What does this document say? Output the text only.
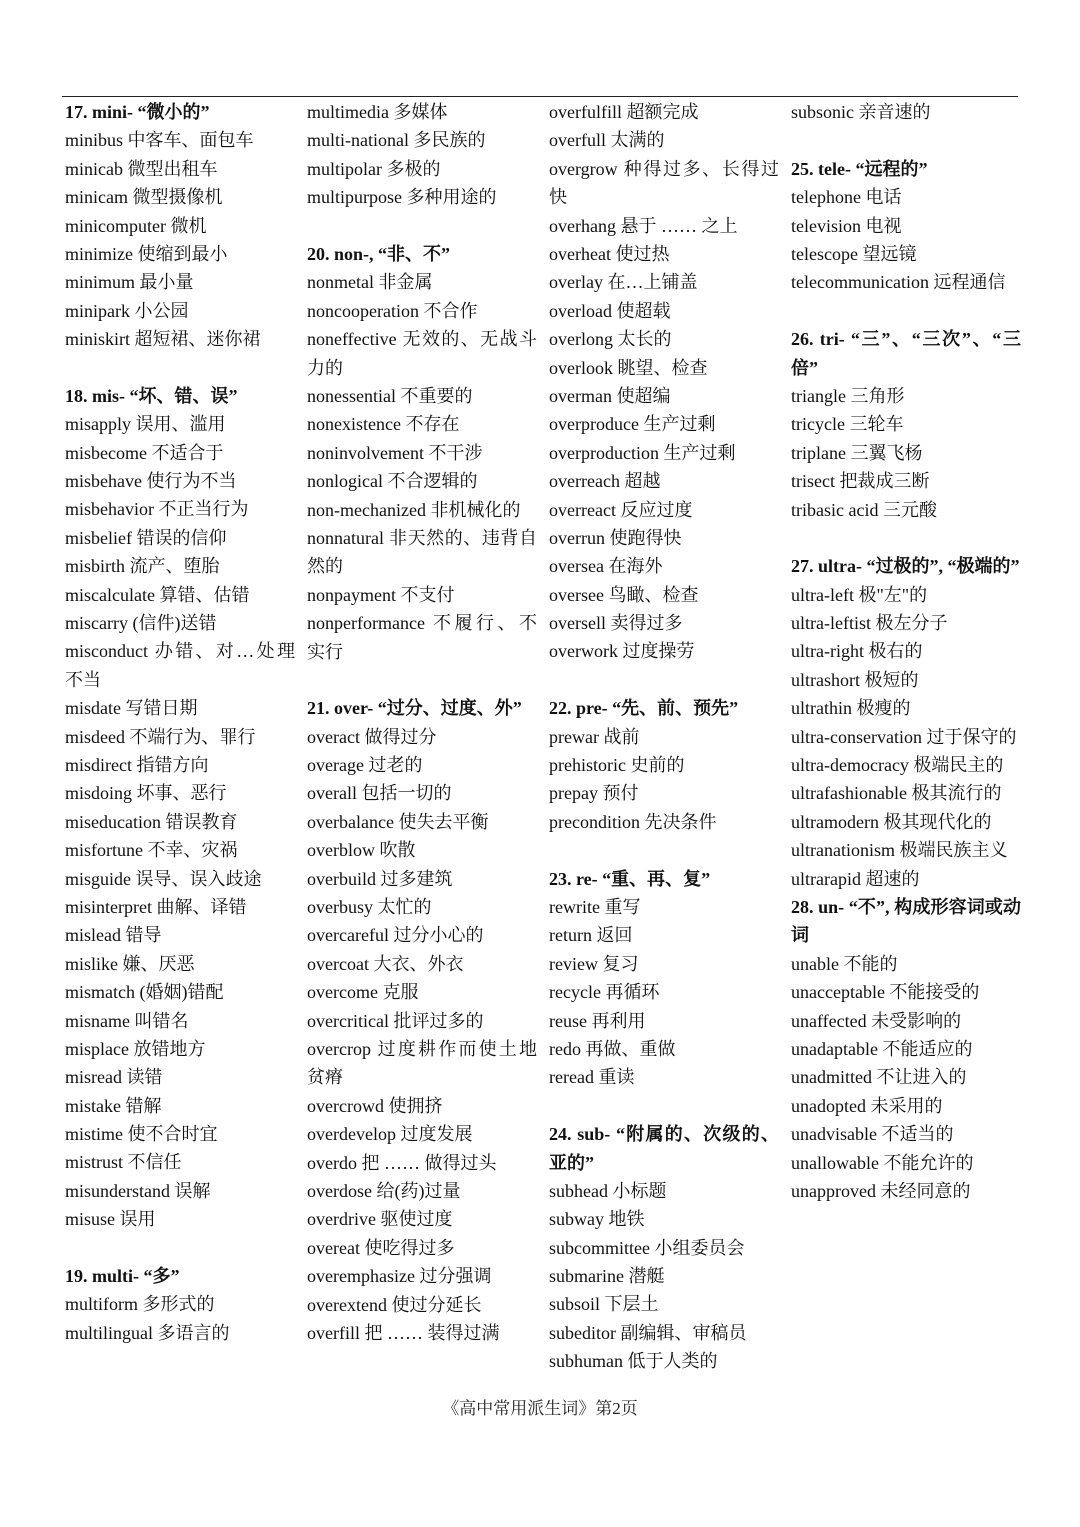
17. mini- “微小的”
minibus 中客车、面包车
minicab 微型出租车
minicam 微型摄像机
minicomputer 微机
minimize 使缩到最小
minimum 最小量
minipark 小公园
miniskirt 超短裙、迷你裙
18. mis- “坏、错、误”
misapply 误用、滥用
misbecome 不适合于
misbehave 使行为不当
misbehavior 不正当行为
misbelief 错误的信仰
misbirth 流产、堕胎
miscalculate 算错、估错
miscarry (信件)送错
misconduct 办错、对…处理不当
misdate 写错日期
misdeed 不端行为、罪行
misdirect 指错方向
misdoing 坏事、恶行
miseducation 错误教育
misfortune 不幸、灾祸
misguide 误导、误入歧途
misinterpret 曲解、译错
mislead 错导
mislike 嫌、厌恶
mismatch (婚姻)错配
misname 叫错名
misplace 放错地方
misread 读错
mistake 错解
mistime 使不合时宜
mistrust 不信任
misunderstand 误解
misuse 误用
19. multi- “多”
multiform 多形式的
multilingual 多语言的
multimedia 多媒体
multi-national 多民族的
multipolar 多极的
multipurpose 多种用途的
20. non-, “非、不”
nonmetal 非金属
noncooperation 不合作
noneffective 无效的、无战斗力的
nonessential 不重要的
nonexistence 不存在
noninvolvement 不干涉
nonlogical 不合逻辑的
non-mechanized 非机械化的
nonnatural 非天然的、违背自然的
nonpayment 不支付
nonperformance 不履行、不实行
21. over- “过分、过度、外”
overact 做得过分
overage 过老的
overall 包括一切的
overbalance 使失去平衡
overblow 吹散
overbuild 过多建筑
overbusy 太忙的
overcareful 过分小心的
overcoat 大衣、外衣
overcome 克服
overcritical 批评过多的
overcrop 过度耕作而使土地贫瘠
overcrowd 使拥挤
overdevelop 过度发展
overdo 把 …… 做得过头
overdose 给(药)过量
overdrive 驱使过度
overeat 使吃得过多
overemphasize 过分强调
overextend 使过分延长
overfill 把 …… 装得过满
overfulfill 超额完成
overfull 太满的
overgrow 种得过多、长得过快
overhang 悬于 …… 之上
overheat 使过热
overlay 在…上铺盖
overload 使超载
overlong 太长的
overlook 眺望、检查
overman 使超编
overproduce 生产过剩
overproduction 生产过剩
overreach 超越
overreact 反应过度
overrun 使跑得快
oversea 在海外
oversee 鸟瞰、检查
oversell 卖得过多
overwork 过度操劳
22. pre- “先、前、预先”
prewar 战前
prehistoric 史前的
prepay 预付
precondition 先决条件
23. re- “重、再、复”
rewrite 重写
return 返回
review 复习
recycle 再循环
reuse 再利用
redo 再做、重做
reread 重读
24. sub- “附属的、次级的、亚的”
subhead 小标题
subway 地铁
subcommittee 小组委员会
submarine 潜艇
subsoil 下层土
subeditor 副编辑、审稿员
subhuman 低于人类的
subsonic 亲音速的
25. tele- “远程的”
telephone 电话
television 电视
telescope 望远镜
telecommunication 远程通信
26. tri- “三”、“三次”、“三倍”
triangle 三角形
tricycle 三轮车
triplane 三翼飞杨
trisect 把裁成三断
tribasic acid 三元酸
27. ultra- “过极的”, “极端的”
ultra-left 极"左"的
ultra-leftist 极左分子
ultra-right 极右的
ultrashort 极短的
ultrathin 极瘦的
ultra-conservation 过于保守的
ultra-democracy 极端民主的
ultrafashionable 极其流行的
ultramodern 极其现代化的
ultranationism 极端民族主义
ultrarapid 超速的
28. un- “不”, 构成形容词或动词
unable 不能的
unacceptable 不能接受的
unaffected 未受影响的
unadaptable 不能适应的
unadmitted 不让进入的
unadopted 未采用的
unadvisable 不适当的
unallowable 不能允许的
unapproved 未经同意的
《高中常用派生词》第2页
